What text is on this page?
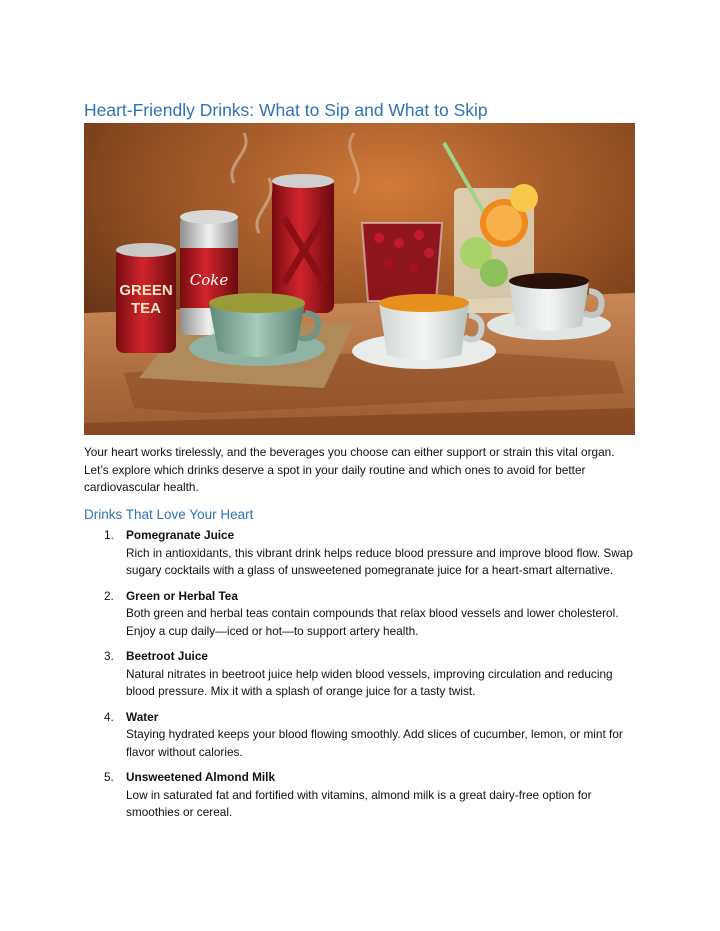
Heart-Friendly Drinks: What to Sip and What to Skip
GREEN
TEA
Coke

Your heart works tirelessly, and the beverages you choose can either support or strain this vital organ. Let’s explore which drinks deserve a spot in your daily routine and which ones to avoid for better cardiovascular health.

Drinks That Love Your Heart
1. Pomegranate Juice
Rich in antioxidants, this vibrant drink helps reduce blood pressure and improve blood flow. Swap sugary cocktails with a glass of unsweetened pomegranate juice for a heart-smart alternative.
2. Green or Herbal Tea
Both green and herbal teas contain compounds that relax blood vessels and lower cholesterol. Enjoy a cup daily—iced or hot—to support artery health.
3. Beetroot Juice
Natural nitrates in beetroot juice help widen blood vessels, improving circulation and reducing blood pressure. Mix it with a splash of orange juice for a tasty twist.
4. Water
Staying hydrated keeps your blood flowing smoothly. Add slices of cucumber, lemon, or mint for flavor without calories.
5. Unsweetened Almond Milk
Low in saturated fat and fortified with vitamins, almond milk is a great dairy-free option for smoothies or cereal.
